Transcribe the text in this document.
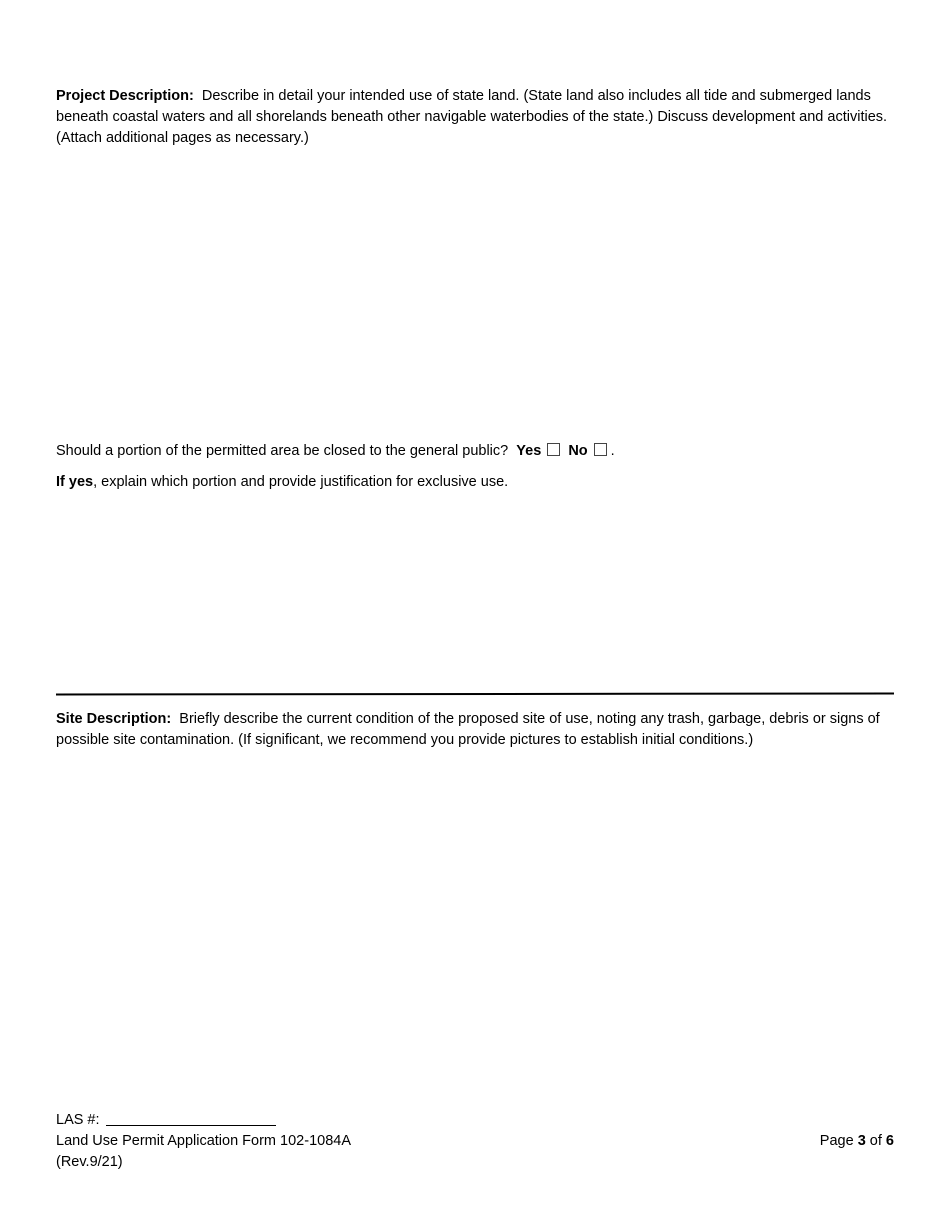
Project Description: Describe in detail your intended use of state land. (State land also includes all tide and submerged lands beneath coastal waters and all shorelands beneath other navigable waterbodies of the state.) Discuss development and activities. (Attach additional pages as necessary.)

Should a portion of the permitted area be closed to the general public? Yes No .

If yes, explain which portion and provide justification for exclusive use.

Site Description: Briefly describe the current condition of the proposed site of use, noting any trash, garbage, debris or signs of possible site contamination. (If significant, we recommend you provide pictures to establish initial conditions.)

LAS #:
Land Use Permit Application Form 102-1084A
(Rev.9/21)
Page 3 of 6
